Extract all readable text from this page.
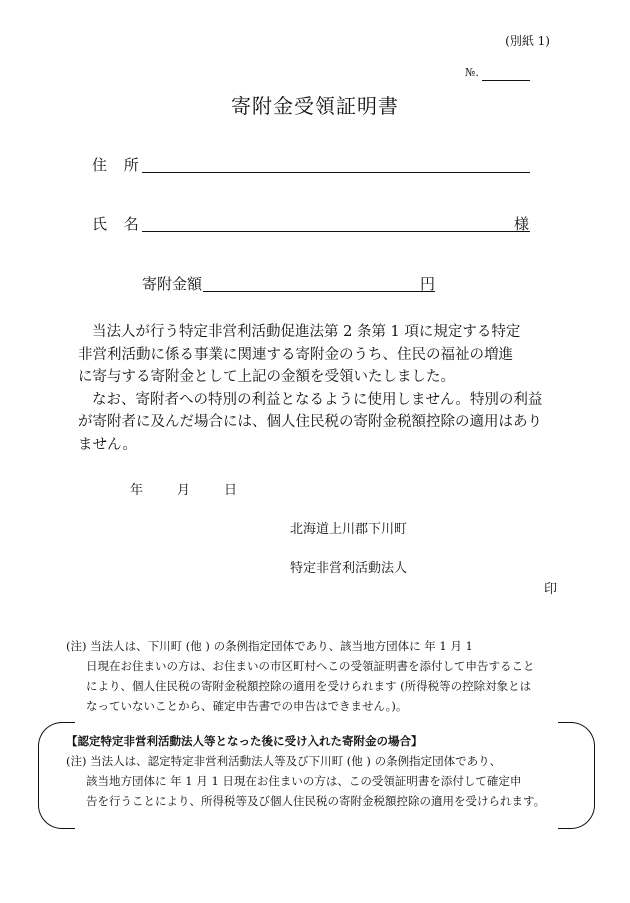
(別紙 1)
№.
寄附金受領証明書
住 所
氏 名	様
寄附金額	円

当法人が行う特定非営利活動促進法第 2 条第 1 項に規定する特定

非営利活動に係る事業に関連する寄附金のうち、住民の福祉の増進

に寄与する寄附金として上記の金額を受領いたしました。

なお、寄附者への特別の利益となるように使用しません。特別の利益

が寄附者に及んだ場合には、個人住民税の寄附金税額控除の適用はあり

ません。

年	月	日
北海道上川郡下川町
特定非営利活動法人
印

(注) 当法人は、下川町 (他 ) の条例指定団体であり、該当地方団体に 年 1 月 1

日現在お住まいの方は、お住まいの市区町村へこの受領証明書を添付して申告すること

により、個人住民税の寄附金税額控除の適用を受けられます (所得税等の控除対象とは

なっていないことから、確定申告書での申告はできません。)。

【認定特定非営利活動法人等となった後に受け入れた寄附金の場合】

(注) 当法人は、認定特定非営利活動法人等及び下川町 (他 ) の条例指定団体であり、

該当地方団体に 年 1 月 1 日現在お住まいの方は、この受領証明書を添付して確定申

告を行うことにより、所得税等及び個人住民税の寄附金税額控除の適用を受けられます。
